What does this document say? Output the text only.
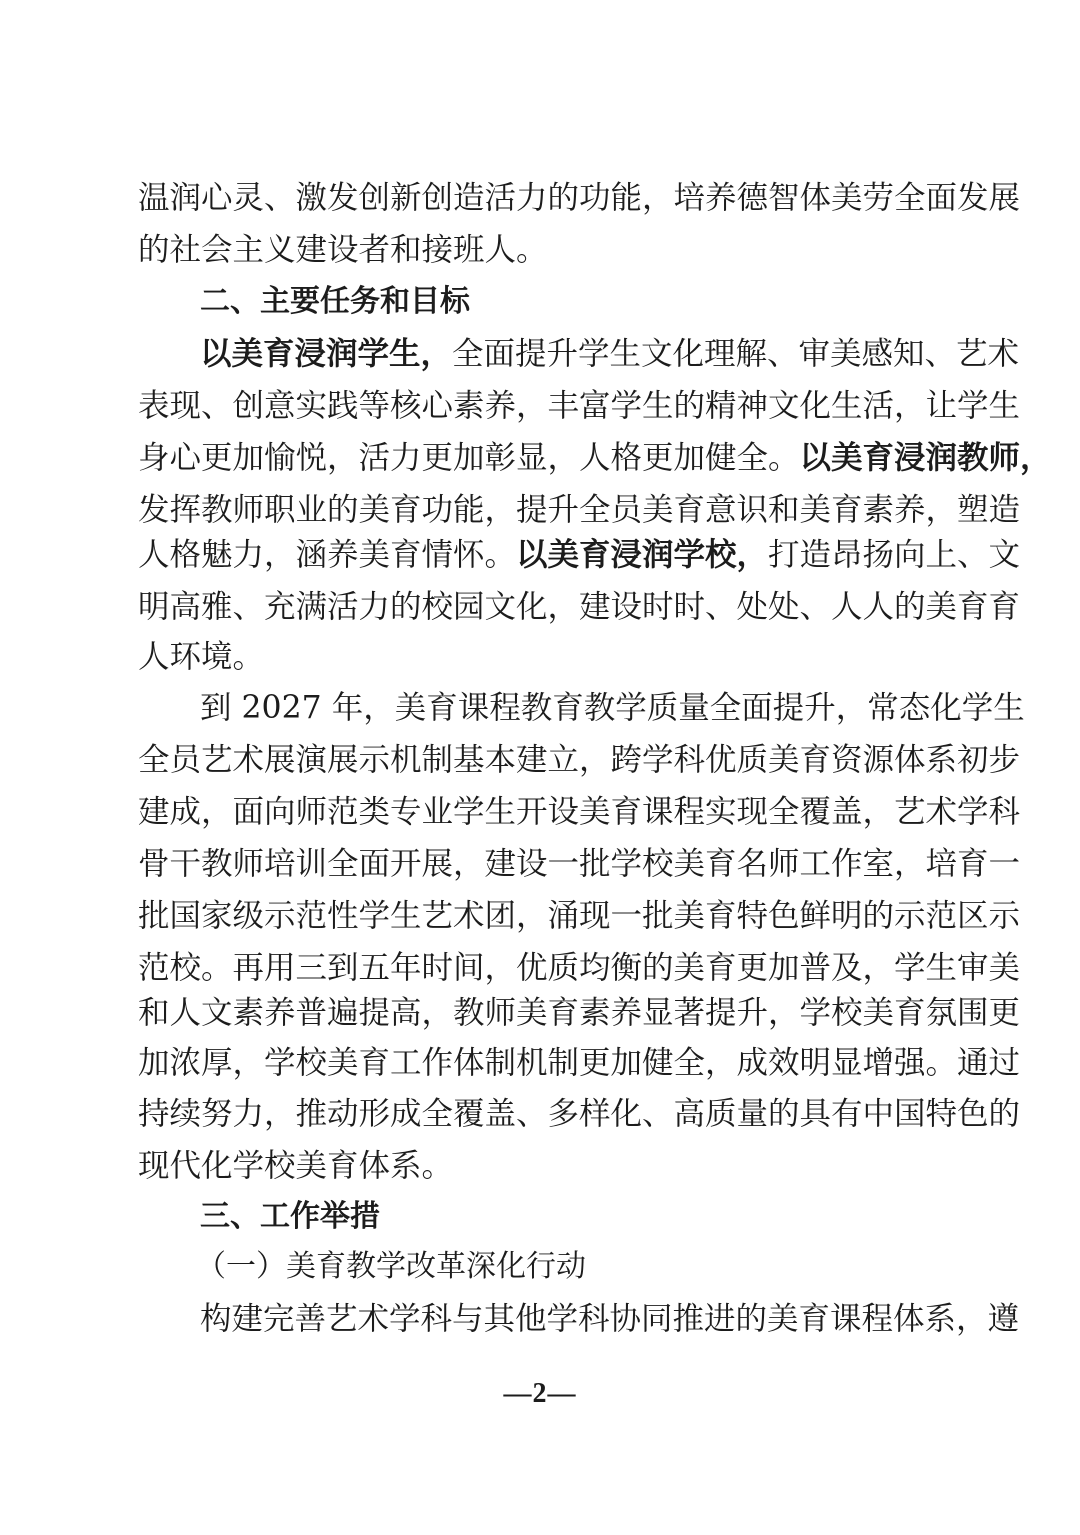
温润心灵、激发创新创造活力的功能，培养德智体美劳全面发展
的社会主义建设者和接班人。
二、主要任务和目标
以美育浸润学生，全面提升学生文化理解、审美感知、艺术
表现、创意实践等核心素养，丰富学生的精神文化生活，让学生
身心更加愉悦，活力更加彰显，人格更加健全。以美育浸润教师，
发挥教师职业的美育功能，提升全员美育意识和美育素养，塑造
人格魅力，涵养美育情怀。以美育浸润学校，打造昂扬向上、文
明高雅、充满活力的校园文化，建设时时、处处、人人的美育育
人环境。
到 2027 年，美育课程教育教学质量全面提升，常态化学生
全员艺术展演展示机制基本建立，跨学科优质美育资源体系初步
建成，面向师范类专业学生开设美育课程实现全覆盖，艺术学科
骨干教师培训全面开展，建设一批学校美育名师工作室，培育一
批国家级示范性学生艺术团，涌现一批美育特色鲜明的示范区示
范校。再用三到五年时间，优质均衡的美育更加普及，学生审美
和人文素养普遍提高，教师美育素养显著提升，学校美育氛围更
加浓厚，学校美育工作体制机制更加健全，成效明显增强。通过
持续努力，推动形成全覆盖、多样化、高质量的具有中国特色的
现代化学校美育体系。
三、工作举措
（一）美育教学改革深化行动
构建完善艺术学科与其他学科协同推进的美育课程体系，遵
—2—
